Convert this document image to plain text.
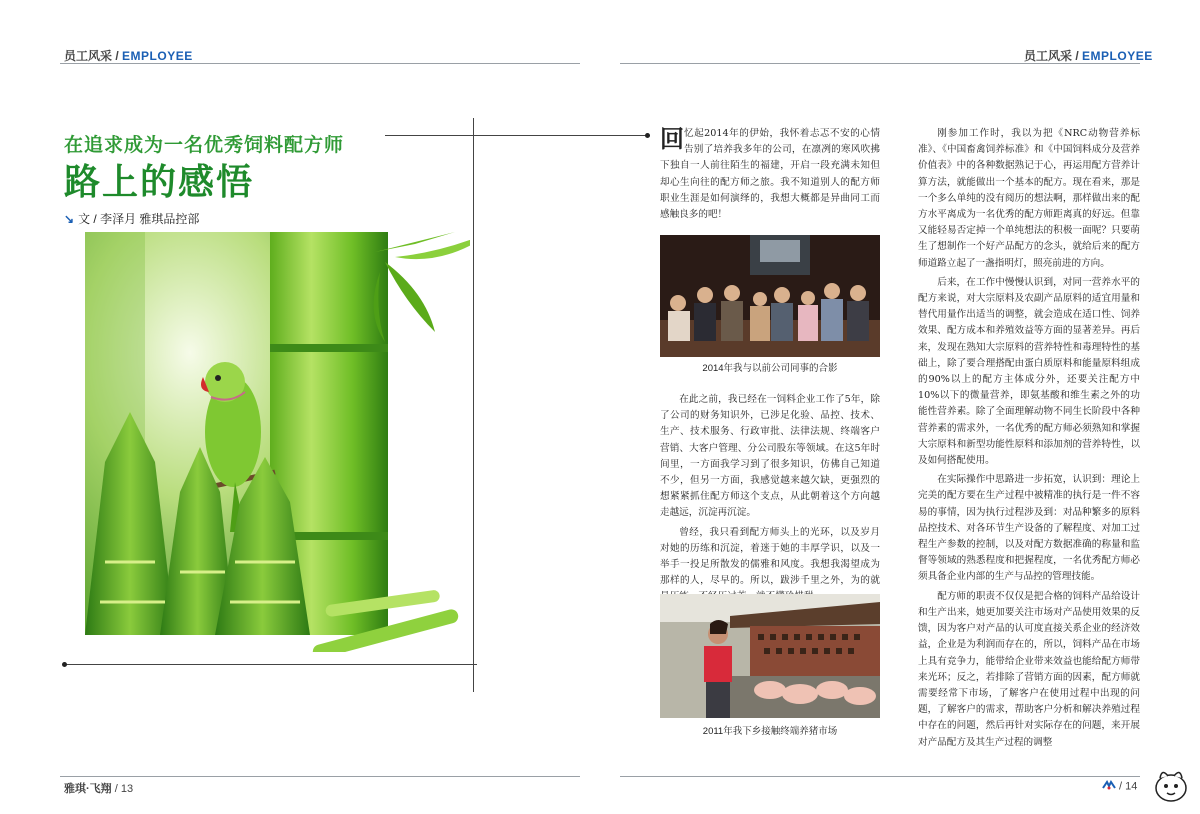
员工风采 / EMPLOYEE	员工风采 / EMPLOYEE
在追求成为一名优秀饲料配方师
路上的感悟
↘ 文 / 李泽月 雅琪品控部

回忆起2014年的伊始，我怀着忐忑不安的心情告别了培养我多年的公司，在凛冽的寒风吹拂下独自一人前往陌生的福建，开启一段充满未知但却心生向往的配方师之旅。我不知道别人的配方师职业生涯是如何演绎的，我想大概都是异曲同工而感触良多的吧！

2014年我与以前公司同事的合影

在此之前，我已经在一饲料企业工作了5年，除了公司的财务知识外，已涉足化验、品控、技术、生产、技术服务、行政审批、法律法规、终端客户营销、大客户管理、分公司股东等领域。在这5年时间里，一方面我学习到了很多知识，仿佛自己知道不少，但另一方面，我感觉越来越欠缺，更强烈的想紧紧抓住配方师这个支点，从此朝着这个方向越走越远，沉淀再沉淀。

曾经，我只看到配方师头上的光环，以及岁月对她的历练和沉淀，着迷于她的丰厚学识，以及一举手一投足所散发的儒雅和风度。我想我渴望成为那样的人，尽早的。所以，跋涉千里之外，为的就

2011年我下乡接触终端养猪市场

刚参加工作时，我以为把《NRC动物营养标准》、《中国畜禽饲养标准》和《中国饲料成分及营养价值表》中的各种数据熟记于心，再运用配方营养计算方法，就能做出一个基本的配方。现在看来，那是一个多么单纯的没有阅历的想法啊，那样做出来的配方水平离成为一名优秀的配方师距离真的好远。但靠又能轻易否定掉一个单纯想法的积极一面呢？只要萌生了想制作一个好产品配方的念头，就给后来的配方师道路立起了一盏指明灯，照亮前进的方向。

后来，在工作中慢慢认识到，对同一营养水平的配方来说，对大宗原料及农副产品原料的适宜用量和替代用量作出适当的调整，就会造成在适口性、饲养效果、配方成本和养殖效益等方面的显著差异。再后来，发现在熟知大宗原料的营养特性和毒理特性的基础上，除了要合理搭配由蛋白质原料和能量原料组成的90%以上的配方主体成分外，还要关注配方中10%以下的微量营养，即氨基酸和维生素之外的功能性营养素。除了全面理解动物不同生长阶段中各种营养素的需求外，一名优秀的配方师必须熟知和掌握大宗原料和新型功能性原料和添加剂的营养特性，以及如何搭配使用。

在实际操作中思路进一步拓宽，认识到：理论上完美的配方要在生产过程中被精准的执行是一件不容易的事情，因为执行过程涉及到：对品种繁多的原料品控技术、对各环节生产设备的了解程度、对加工过程生产参数的控制，以及对配方数据准确的称量和监督等领域的熟悉程度和把握程度，一名优秀配方师必须具备企业内部的生产与品控的管理技能。

配方师的职责不仅仅是把合格的饲料产品给设计和生产出来，她更加要关注市场对产品使用效果的反馈，因为客户对产品的认可度直接关系企业的经济效益，企业是为利润而存在的，所以，饲料产品在市场上具有竞争力，能带给企业带来效益也能给配方师带来光环；反之，若排除了营销方面的因素，配方师就需要经常下市场，了解客户在使用过程中出现的问题，了解客户的需求，帮助客户分析和解决养殖过程中存在的问题，然后再针对实际存在的问题，来开展对产品配方及其生产过程的调整

雅琪·飞翔 / 13	/ 14
